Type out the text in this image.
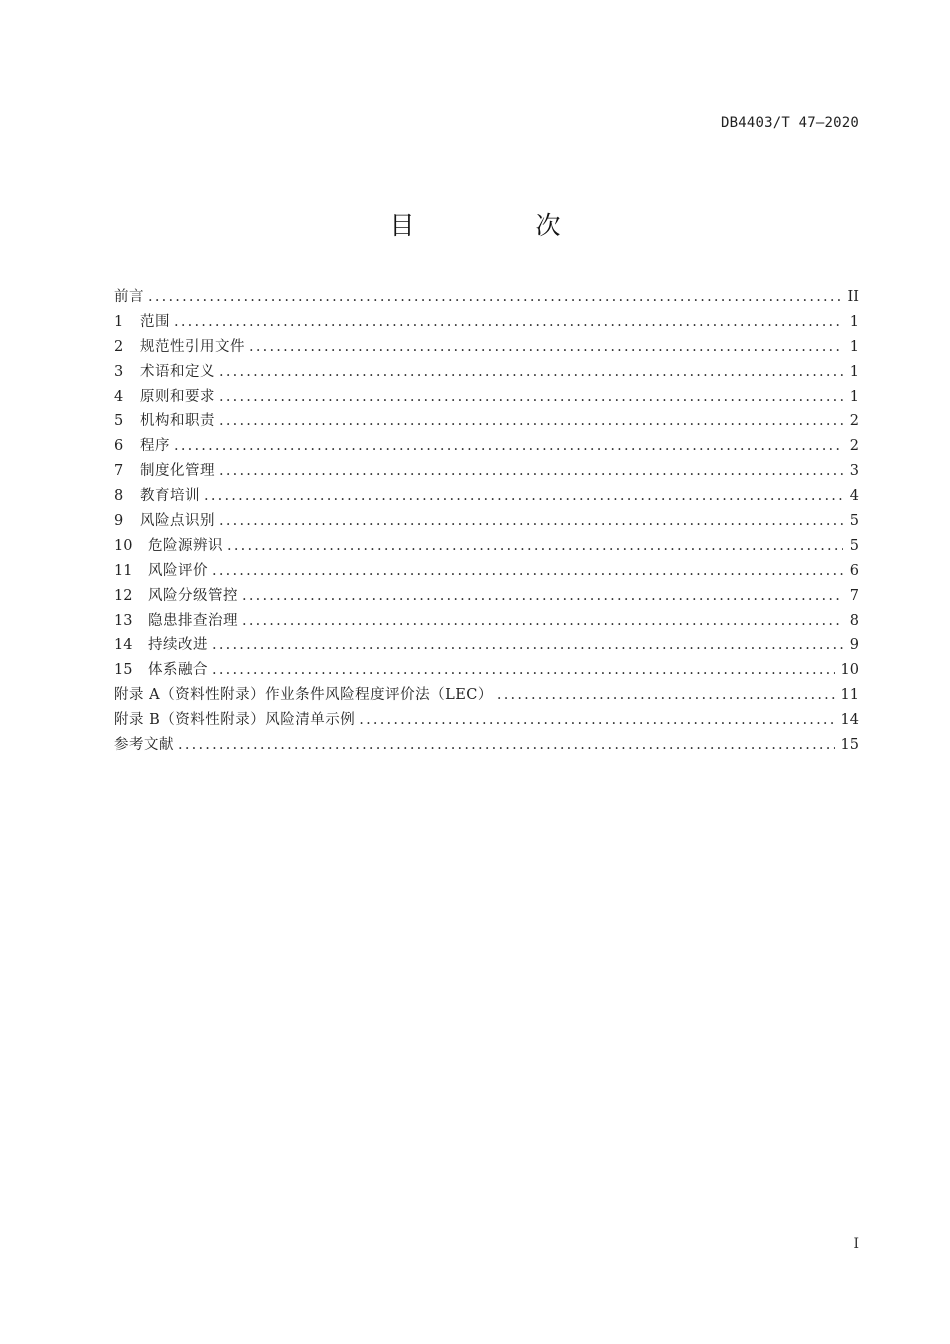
DB4403/T 47—2020
目　次
前言 . . .	II
1	范围 . . .	1
2	规范性引用文件 . . .	1
3	术语和定义 . . .	1
4	原则和要求 . . .	1
5	机构和职责 . . .	2
6	程序 . . .	2
7	制度化管理 . . .	3
8	教育培训 . . .	4
9	风险点识别 . . .	5
10	危险源辨识 . . .	5
11	风险评价 . . .	6
12	风险分级管控 . . .	7
13	隐患排查治理 . . .	8
14	持续改进 . . .	9
15	体系融合 . . .	10
附录 A（资料性附录）作业条件风险程度评价法（LEC） . . .	11
附录 B（资料性附录）风险清单示例 . . .	14
参考文献 . . .	15
I
